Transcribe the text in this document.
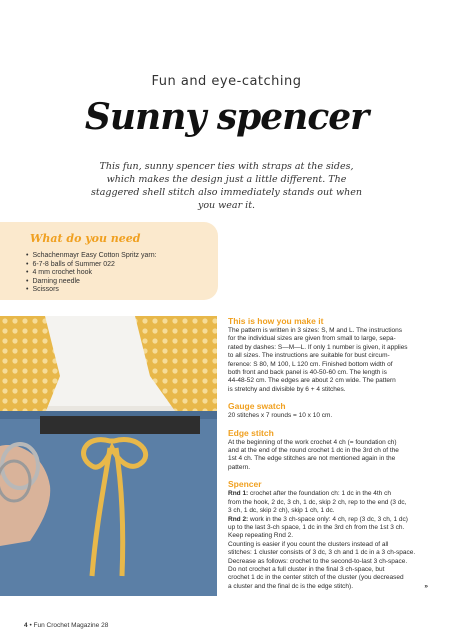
Fun and eye-catching
Sunny spencer
This fun, sunny spencer ties with straps at the sides, which makes the design just a little different. The staggered shell stitch also immediately stands out when you wear it.
What do you need
• Schachenmayr Easy Cotton Spritz yarn:
• 6-7-8 balls of Summer 022
• 4 mm crochet hook
• Darning needle
• Scissors
This is how you make it

The pattern is written in 3 sizes: S, M and L. The instructions
for the individual sizes are given from small to large, sepa-
rated by dashes: S—M—L. If only 1 number is given, it applies
to all sizes. The instructions are suitable for bust circum-
ference: S 80, M 100, L 120 cm. Finished bottom width of
both front and back panel is 40-50-60 cm. The length is
44-48-52 cm. The edges are about 2 cm wide. The pattern
is stretchy and divisible by 6 + 4 stitches.

Gauge swatch

20 stitches x 7 rounds = 10 x 10 cm.

Edge stitch

At the beginning of the work crochet 4 ch (= foundation ch)
and at the end of the round crochet 1 dc in the 3rd ch of the
1st 4 ch. The edge stitches are not mentioned again in the
pattern.

Spencer

Rnd 1: crochet after the foundation ch: 1 dc in the 4th ch
from the hook, 2 dc, 3 ch, 1 dc, skip 2 ch, rep to the end (3 dc,
3 ch, 1 dc, skip 2 ch), skip 1 ch, 1 dc.

Rnd 2: work in the 3 ch-space only: 4 ch, rep (3 dc, 3 ch, 1 dc)
up to the last 3-ch space, 1 dc in the 3rd ch from the 1st 3 ch.
Keep repeating Rnd 2.

Counting is easier if you count the clusters instead of all
stitches: 1 cluster consists of 3 dc, 3 ch and 1 dc in a 3 ch-space.
Decrease as follows: crochet to the second-to-last 3 ch-space.
Do not crochet a full cluster in the final 3 ch-space, but
crochet 1 dc in the center stitch of the cluster (you decreased
a cluster and the final dc is the edge stitch).	»

4 • Fun Crochet Magazine 28
